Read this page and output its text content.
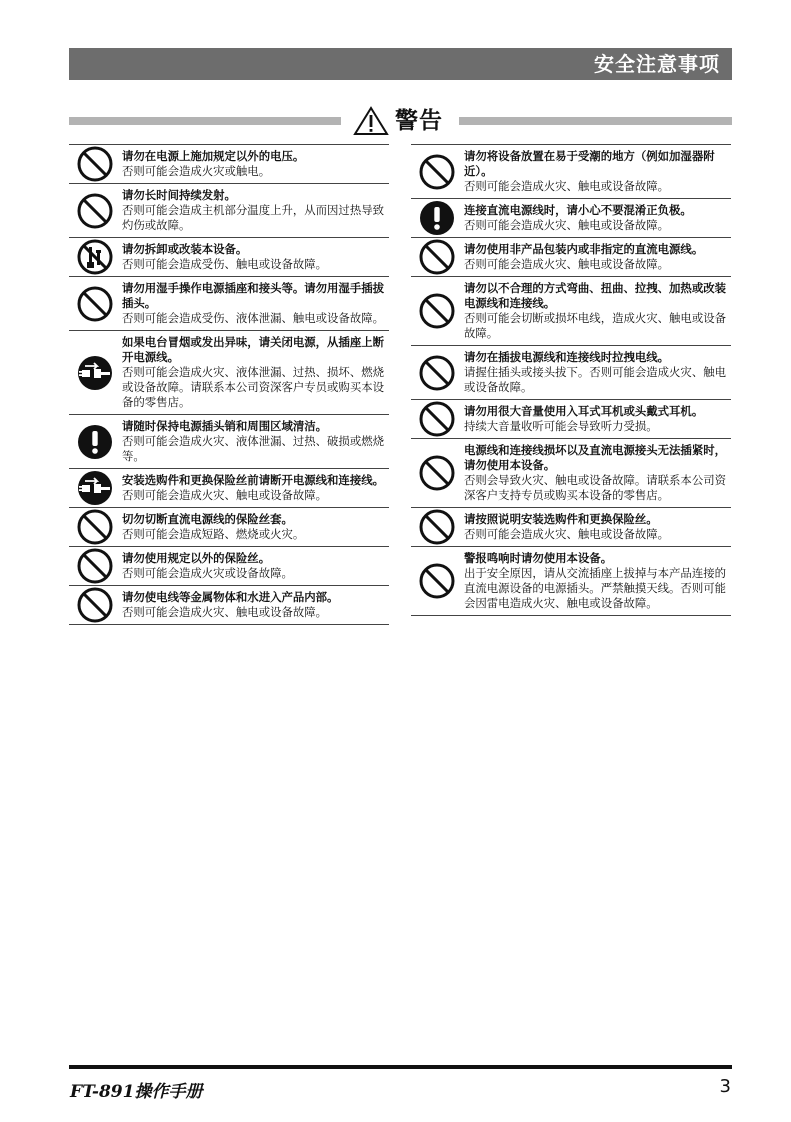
安全注意事项
警告
请勿在电源上施加规定以外的电压。
否则可能会造成火灾或触电。
请勿长时间持续发射。
否则可能会造成主机部分温度上升，从而因过热导致灼伤或故障。
请勿拆卸或改装本设备。
否则可能会造成受伤、触电或设备故障。
请勿用湿手操作电源插座和接头等。请勿用湿手插拔插头。
否则可能会造成受伤、液体泄漏、触电或设备故障。
如果电台冒烟或发出异味，请关闭电源，从插座上断开电源线。
否则可能会造成火灾、液体泄漏、过热、损坏、燃烧或设备故障。请联系本公司资深客户专员或购买本设备的零售店。
请随时保持电源插头销和周围区域清洁。
否则可能会造成火灾、液体泄漏、过热、破损或燃烧等。
安装选购件和更换保险丝前请断开电源线和连接线。
否则可能会造成火灾、触电或设备故障。
切勿切断直流电源线的保险丝套。
否则可能会造成短路、燃烧或火灾。
请勿使用规定以外的保险丝。
否则可能会造成火灾或设备故障。
请勿使电线等金属物体和水进入产品内部。
否则可能会造成火灾、触电或设备故障。
请勿将设备放置在易于受潮的地方（例如加湿器附近）。
否则可能会造成火灾、触电或设备故障。
连接直流电源线时，请小心不要混淆正负极。
否则可能会造成火灾、触电或设备故障。
请勿使用非产品包装内或非指定的直流电源线。
否则可能会造成火灾、触电或设备故障。
请勿以不合理的方式弯曲、扭曲、拉拽、加热或改装电源线和连接线。
否则可能会切断或损坏电线，造成火灾、触电或设备故障。
请勿在插拔电源线和连接线时拉拽电线。
请握住插头或接头拔下。否则可能会造成火灾、触电或设备故障。
请勿用很大音量使用入耳式耳机或头戴式耳机。
持续大音量收听可能会导致听力受损。
电源线和连接线损坏以及直流电源接头无法插紧时，请勿使用本设备。
否则会导致火灾、触电或设备故障。请联系本公司资深客户支持专员或购买本设备的零售店。
请按照说明安装选购件和更换保险丝。
否则可能会造成火灾、触电或设备故障。
警报鸣响时请勿使用本设备。
出于安全原因，请从交流插座上拔掉与本产品连接的直流电源设备的电源插头。严禁触摸天线。否则可能会因雷电造成火灾、触电或设备故障。
FT-891操作手册	3
